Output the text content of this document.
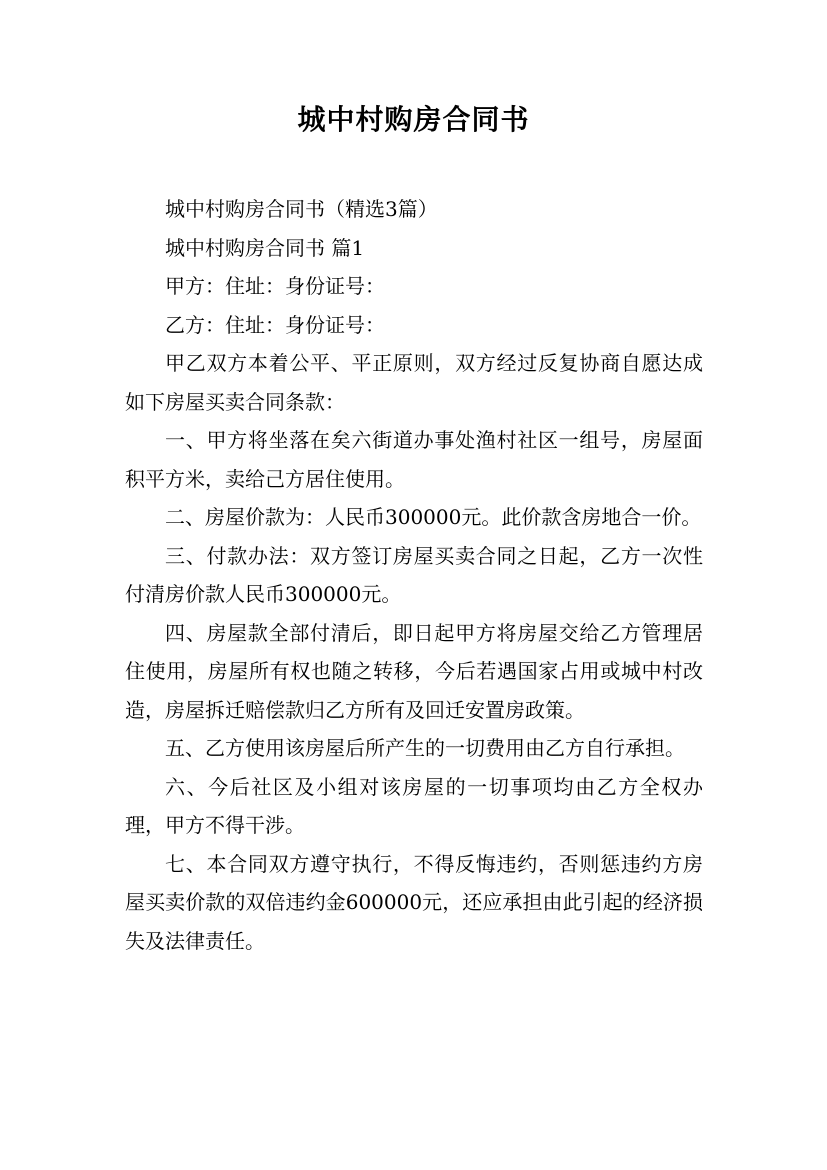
城中村购房合同书

城中村购房合同书（精选3篇）

城中村购房合同书 篇1

甲方：住址：身份证号：

乙方：住址：身份证号：

甲乙双方本着公平、平正原则，双方经过反复协商自愿达成如下房屋买卖合同条款：

一、甲方将坐落在矣六街道办事处渔村社区一组号，房屋面积平方米，卖给己方居住使用。

二、房屋价款为：人民币300000元。此价款含房地合一价。

三、付款办法：双方签订房屋买卖合同之日起，乙方一次性付清房价款人民币300000元。

四、房屋款全部付清后，即日起甲方将房屋交给乙方管理居住使用，房屋所有权也随之转移，今后若遇国家占用或城中村改造，房屋拆迁赔偿款归乙方所有及回迁安置房政策。

五、乙方使用该房屋后所产生的一切费用由乙方自行承担。

六、今后社区及小组对该房屋的一切事项均由乙方全权办理，甲方不得干涉。

七、本合同双方遵守执行，不得反悔违约，否则惩违约方房屋买卖价款的双倍违约金600000元，还应承担由此引起的经济损失及法律责任。
